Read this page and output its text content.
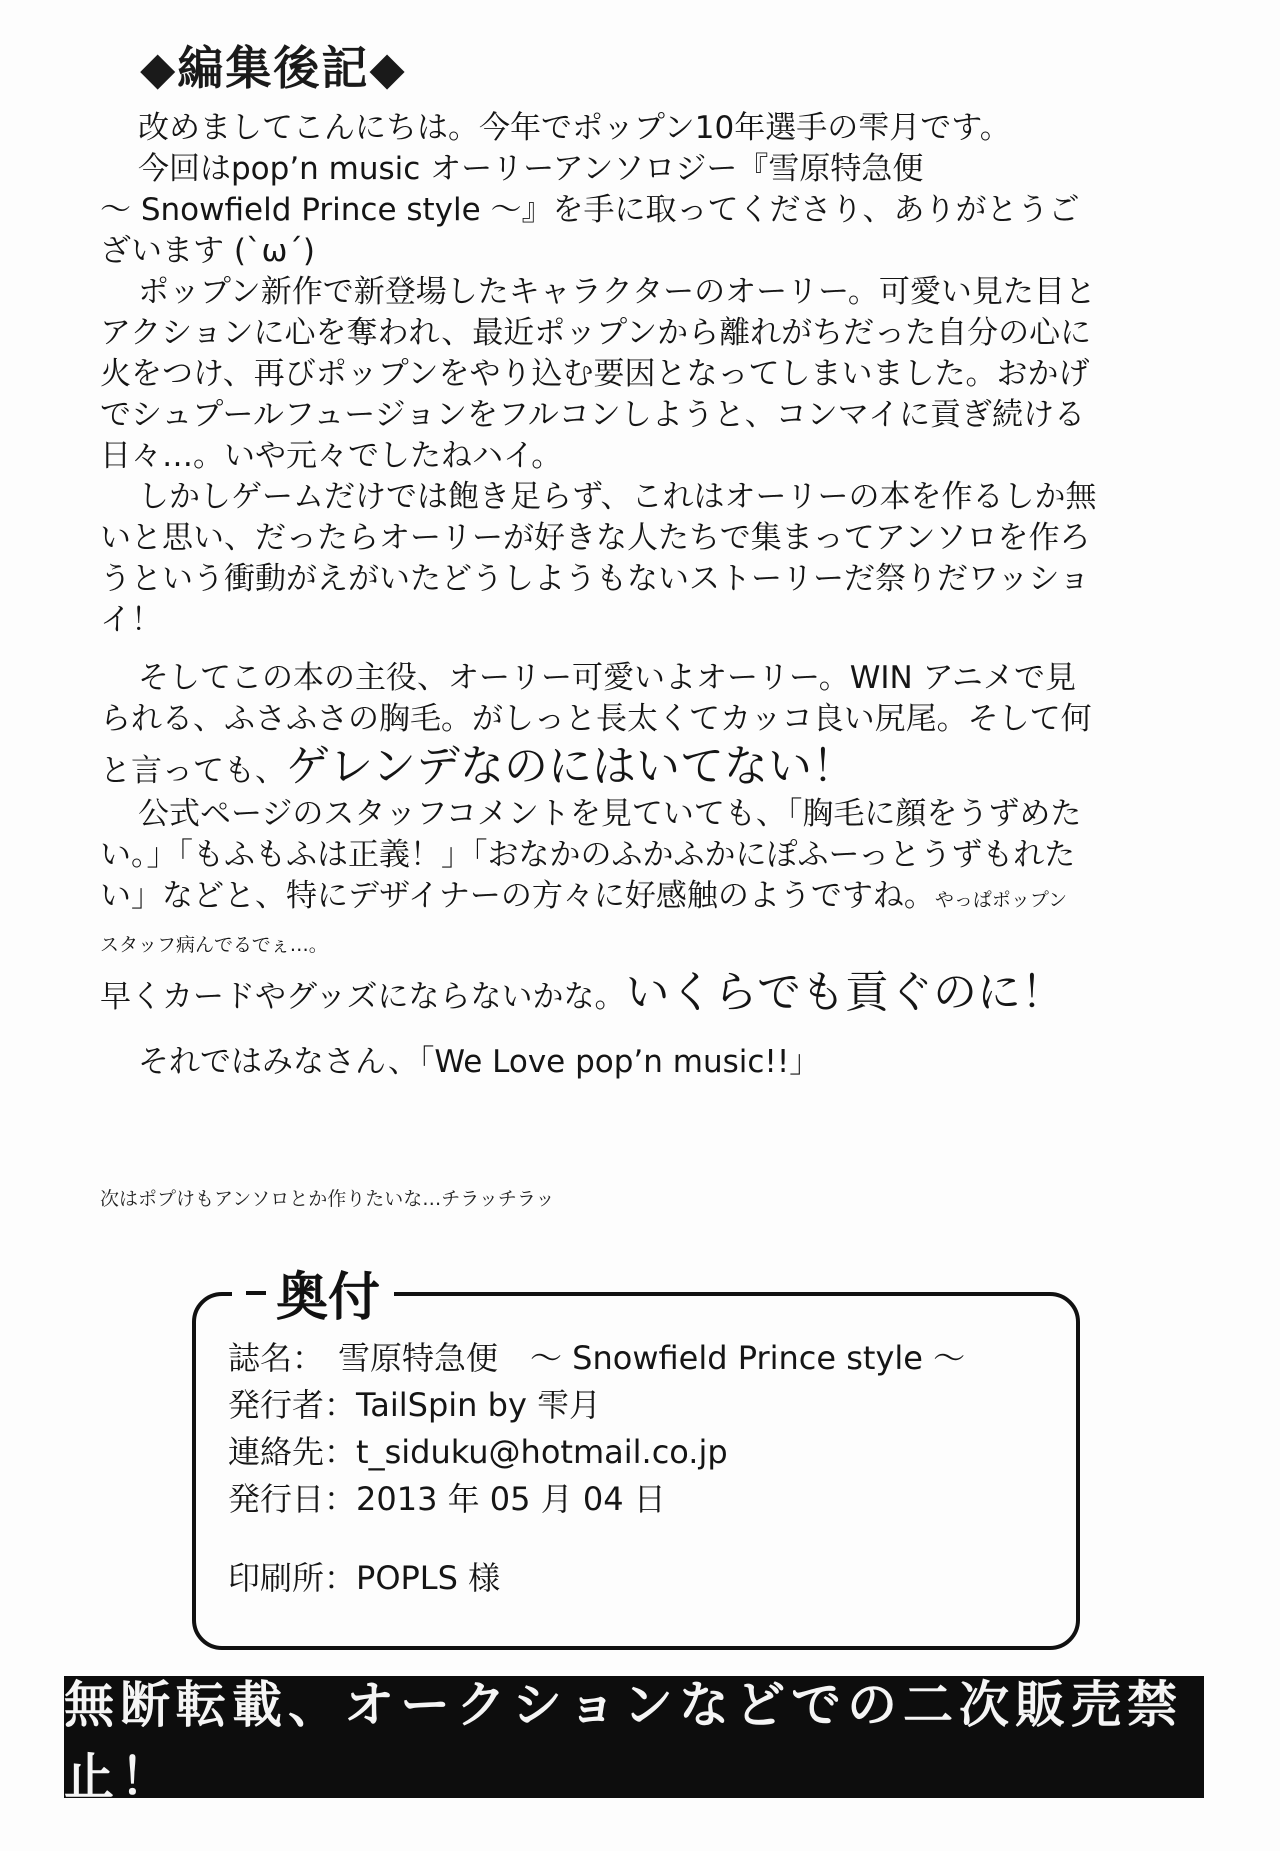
◆編集後記◆

改めましてこんにちは。今年でポップン10年選手の雫月です。

今回はpop’n music オーリーアンソロジー『雪原特急便

～ Snowfield Prince style ～』を手に取ってくださり、ありがとうご

ざいます (`ω´)

ポップン新作で新登場したキャラクターのオーリー。可愛い見た目と

アクションに心を奪われ、最近ポップンから離れがちだった自分の心に

火をつけ、再びポップンをやり込む要因となってしまいました。おかげ

でシュプールフュージョンをフルコンしようと、コンマイに貢ぎ続ける

日々…。いや元々でしたねハイ。

しかしゲームだけでは飽き足らず、これはオーリーの本を作るしか無

いと思い、だったらオーリーが好きな人たちで集まってアンソロを作ろ

うという衝動がえがいたどうしようもないストーリーだ祭りだワッショ

イ！

そしてこの本の主役、オーリー可愛いよオーリー。WIN アニメで見

られる、ふさふさの胸毛。がしっと長太くてカッコ良い尻尾。そして何

と言っても、ゲレンデなのにはいてない！

公式ページのスタッフコメントを見ていても、「胸毛に顔をうずめた

い。」「もふもふは正義！」「おなかのふかふかにぽふーっとうずもれた

い」などと、特にデザイナーの方々に好感触のようですね。やっぱポップン

スタッフ病んでるでぇ…。

早くカードやグッズにならないかな。いくらでも貢ぐのに！

それではみなさん、「We Love pop’n music!!」

次はポプけもアンソロとか作りたいな…チラッチラッ
奥付
誌名： 雪原特急便　～ Snowfield Prince style ～
発行者： TailSpin by 雫月
連絡先： t_siduku@hotmail.co.jp
発行日： 2013 年 05 月 04 日
印刷所： POPLS 様
無断転載、オークションなどでの二次販売禁止！
